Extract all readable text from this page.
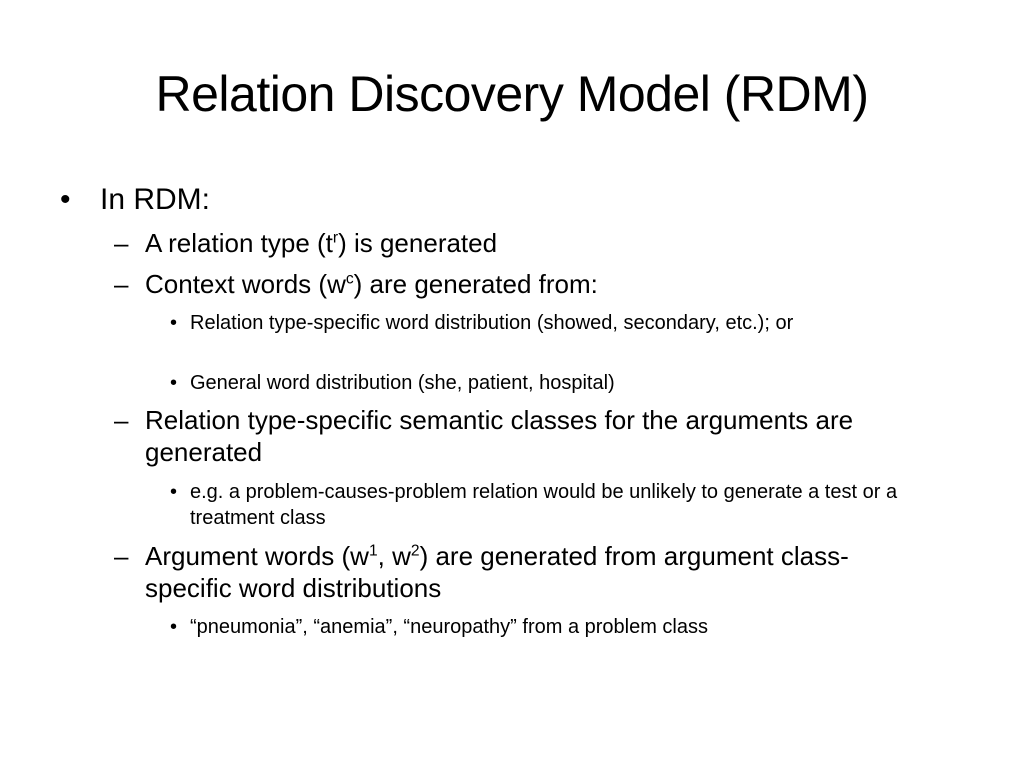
Relation Discovery Model (RDM)
• In RDM:
– A relation type $(t^r)$ is generated
– Context words $(w^c)$ are generated from:
• Relation type-specific word distribution (showed, secondary, etc.); or
• General word distribution (she, patient, hospital)
– Relation type-specific semantic classes for the arguments are generated
• e.g. a problem-causes-problem relation would be unlikely to generate a test or a treatment class
– Argument words ($w^1$, $w^2$) are generated from argument class-specific word distributions
• “pneumonia”, “anemia”, “neuropathy” from a problem class
